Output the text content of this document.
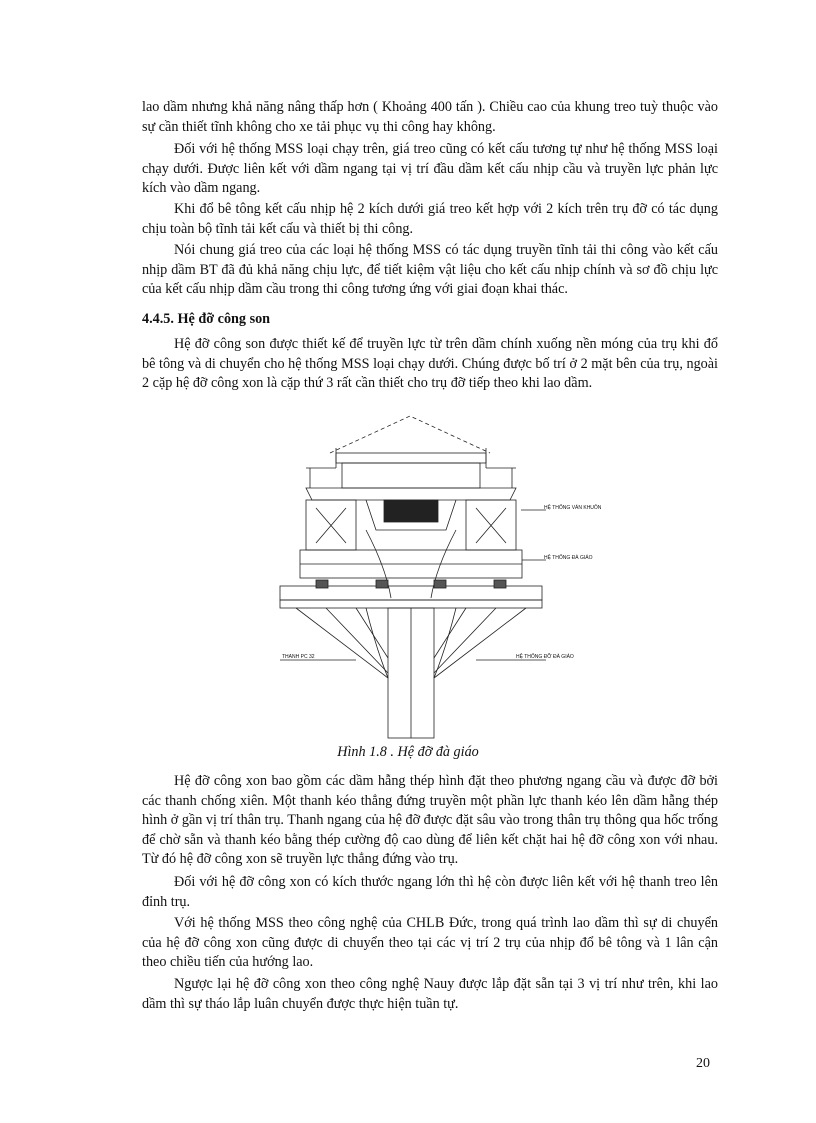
lao dầm nhưng khả năng nâng thấp hơn ( Khoảng 400 tấn ). Chiều cao của khung treo tuỳ thuộc vào sự cần thiết tĩnh không cho xe tải phục vụ thi công hay không.

Đối với hệ thống MSS loại chạy trên, giá treo cũng có kết cấu tương tự như hệ thống MSS loại chạy dưới. Được liên kết với dầm ngang tại vị trí đầu dầm kết cấu nhịp cầu và truyền lực phản lực kích vào dầm ngang.

Khi đổ bê tông kết cấu nhịp hệ 2 kích dưới giá treo kết hợp với 2 kích trên trụ đỡ có tác dụng chịu toàn bộ tĩnh tải kết cấu và thiết bị thi công.

Nói chung giá treo của các loại hệ thống MSS có tác dụng truyền tĩnh tải thi công vào kết cấu nhịp dầm BT đã đủ khả năng chịu lực, để tiết kiệm vật liệu cho kết cấu nhịp chính và sơ đồ chịu lực của kết cấu nhịp dầm cầu trong thi công tương ứng với giai đoạn khai thác.

4.4.5. Hệ đỡ công son

Hệ đỡ công son được thiết kế để truyền lực từ trên dầm chính xuống nền móng của trụ khi đổ bê tông và di chuyển cho hệ thống MSS loại chạy dưới. Chúng được bố trí ở 2 mặt bên của trụ, ngoài 2 cặp hệ đỡ công xon là cặp thứ 3 rất cần thiết cho trụ đỡ tiếp theo khi lao dầm.

HỆ THỐNG VÁN KHUÔN
HỆ THỐNG ĐÀ GIÁO
THANH PC 32	HỆ THỐNG ĐỠ ĐÀ GIÁO

Hình 1.8 . Hệ đỡ đà giáo

Hệ đỡ công xon bao gồm các dầm hẫng thép hình đặt theo phương ngang cầu và được đỡ bởi các thanh chống xiên. Một thanh kéo thẳng đứng truyền một phần lực thanh kéo lên dầm hẫng thép hình ở gần vị trí thân trụ. Thanh ngang của hệ đỡ được đặt sâu vào trong thân trụ thông qua hốc trống để chờ sẵn và thanh kéo bằng thép cường độ cao dùng để liên kết chặt hai hệ đỡ công xon với nhau. Từ đó hệ đỡ công xon sẽ truyền lực thẳng đứng vào trụ.

Đối với hệ đỡ công xon có kích thước ngang lớn thì hệ còn được liên kết với hệ thanh treo lên đỉnh trụ.

Với hệ thống MSS theo công nghệ của CHLB Đức, trong quá trình lao dầm thì sự di chuyển của hệ đỡ công xon cũng được di chuyển theo tại các vị trí 2 trụ của nhịp đổ bê tông và 1 lân cận theo chiều tiến của hướng lao.

Ngược lại hệ đỡ công xon theo công nghệ Nauy được lắp đặt sẵn tại 3 vị trí như trên, khi lao dầm thì sự tháo lắp luân chuyển được thực hiện tuần tự.

20
